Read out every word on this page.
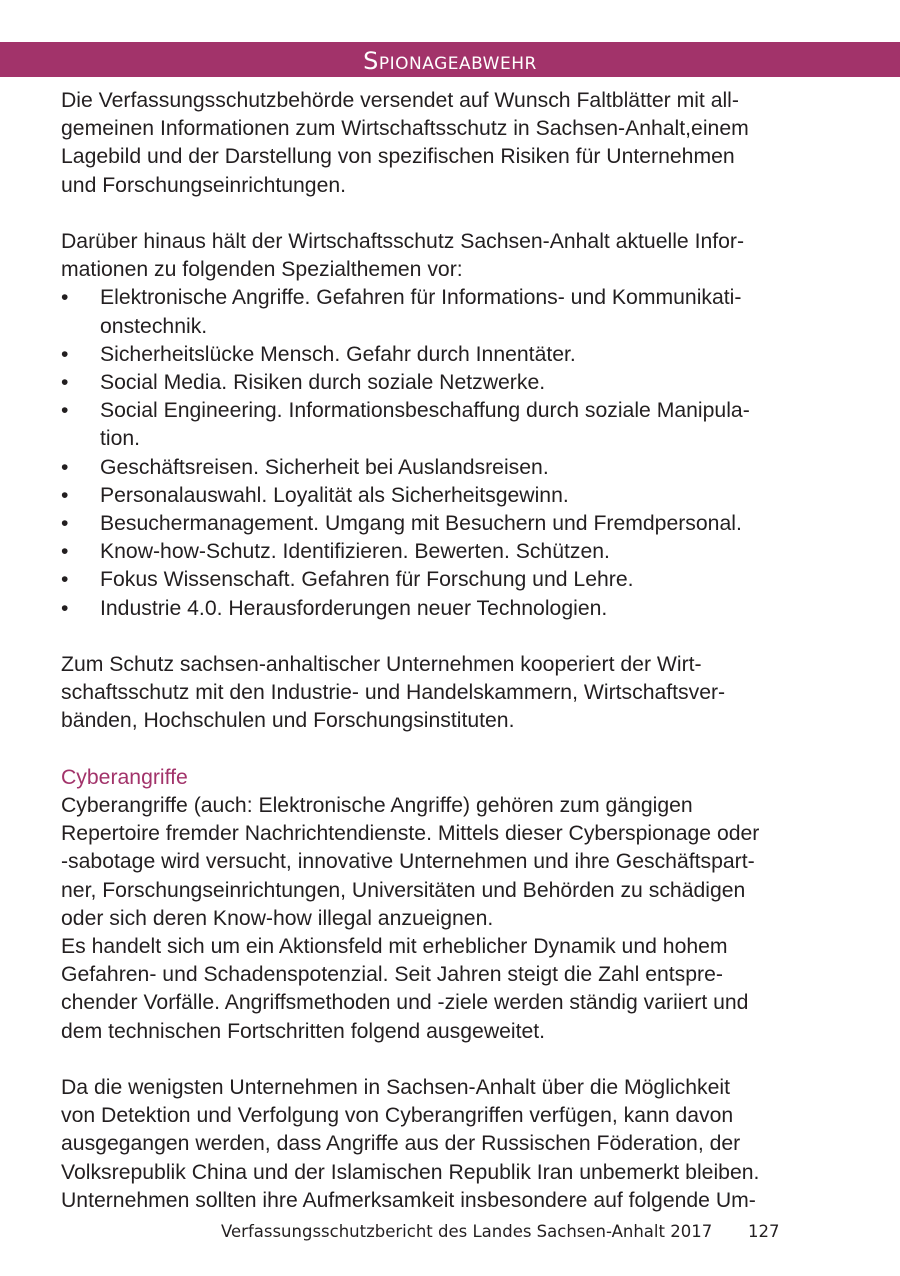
Spionageabwehr

Die Verfassungsschutzbehörde versendet auf Wunsch Faltblätter mit all-
gemeinen Informationen zum Wirtschaftsschutz in Sachsen-Anhalt,einem
Lagebild und der Darstellung von spezifischen Risiken für Unternehmen
und Forschungseinrichtungen.

Darüber hinaus hält der Wirtschaftsschutz Sachsen-Anhalt aktuelle Infor-
mationen zu folgenden Spezialthemen vor:

• Elektronische Angriffe. Gefahren für Informations- und Kommunikati-
onstechnik.
• Sicherheitslücke Mensch. Gefahr durch Innentäter.
• Social Media. Risiken durch soziale Netzwerke.
• Social Engineering. Informationsbeschaffung durch soziale Manipula-
tion.
• Geschäftsreisen. Sicherheit bei Auslandsreisen.
• Personalauswahl. Loyalität als Sicherheitsgewinn.
• Besuchermanagement. Umgang mit Besuchern und Fremdpersonal.
• Know-how-Schutz. Identifizieren. Bewerten. Schützen.
• Fokus Wissenschaft. Gefahren für Forschung und Lehre.
• Industrie 4.0. Herausforderungen neuer Technologien.

Zum Schutz sachsen-anhaltischer Unternehmen kooperiert der Wirt-
schaftsschutz mit den Industrie- und Handelskammern, Wirtschaftsver-
bänden, Hochschulen und Forschungsinstituten.

Cyberangriffe

Cyberangriffe (auch: Elektronische Angriffe) gehören zum gängigen
Repertoire fremder Nachrichtendienste. Mittels dieser Cyberspionage oder
-sabotage wird versucht, innovative Unternehmen und ihre Geschäftspart-
ner, Forschungseinrichtungen, Universitäten und Behörden zu schädigen
oder sich deren Know-how illegal anzueignen.

Es handelt sich um ein Aktionsfeld mit erheblicher Dynamik und hohem
Gefahren- und Schadenspotenzial. Seit Jahren steigt die Zahl entspre-
chender Vorfälle. Angriffsmethoden und -ziele werden ständig variiert und
dem technischen Fortschritten folgend ausgeweitet.

Da die wenigsten Unternehmen in Sachsen-Anhalt über die Möglichkeit
von Detektion und Verfolgung von Cyberangriffen verfügen, kann davon
ausgegangen werden, dass Angriffe aus der Russischen Föderation, der
Volksrepublik China und der Islamischen Republik Iran unbemerkt bleiben.
Unternehmen sollten ihre Aufmerksamkeit insbesondere auf folgende Um-

Verfassungsschutzbericht des Landes Sachsen-Anhalt 2017 127
